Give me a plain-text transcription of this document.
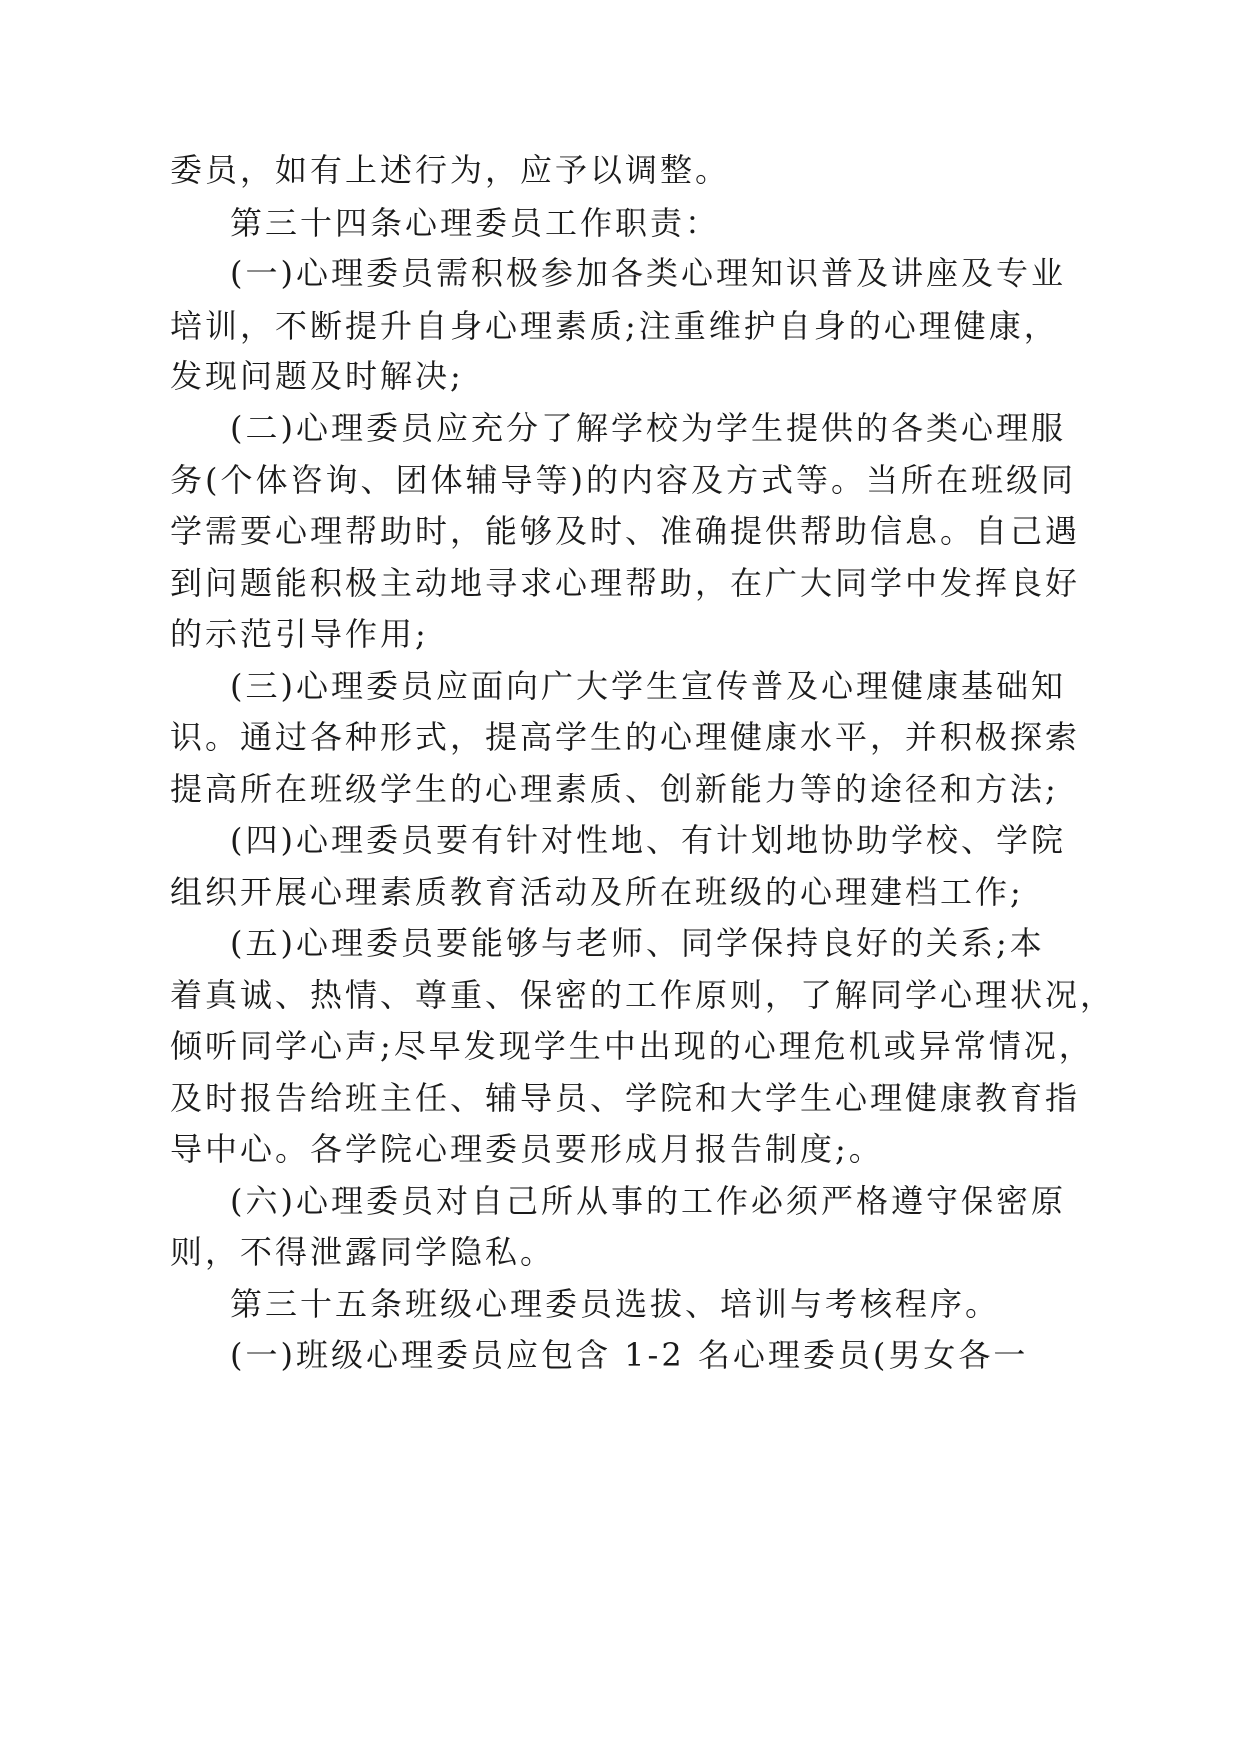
委员，如有上述行为，应予以调整。
第三十四条心理委员工作职责：
(一)心理委员需积极参加各类心理知识普及讲座及专业
培训，不断提升自身心理素质;注重维护自身的心理健康，
发现问题及时解决;
(二)心理委员应充分了解学校为学生提供的各类心理服
务(个体咨询、团体辅导等)的内容及方式等。当所在班级同
学需要心理帮助时，能够及时、准确提供帮助信息。自己遇
到问题能积极主动地寻求心理帮助，在广大同学中发挥良好
的示范引导作用;
(三)心理委员应面向广大学生宣传普及心理健康基础知
识。通过各种形式，提高学生的心理健康水平，并积极探索
提高所在班级学生的心理素质、创新能力等的途径和方法;
(四)心理委员要有针对性地、有计划地协助学校、学院
组织开展心理素质教育活动及所在班级的心理建档工作;
(五)心理委员要能够与老师、同学保持良好的关系;本
着真诚、热情、尊重、保密的工作原则，了解同学心理状况，
倾听同学心声;尽早发现学生中出现的心理危机或异常情况，
及时报告给班主任、辅导员、学院和大学生心理健康教育指
导中心。各学院心理委员要形成月报告制度;。
(六)心理委员对自己所从事的工作必须严格遵守保密原
则，不得泄露同学隐私。
第三十五条班级心理委员选拔、培训与考核程序。
(一)班级心理委员应包含 1-2 名心理委员(男女各一
